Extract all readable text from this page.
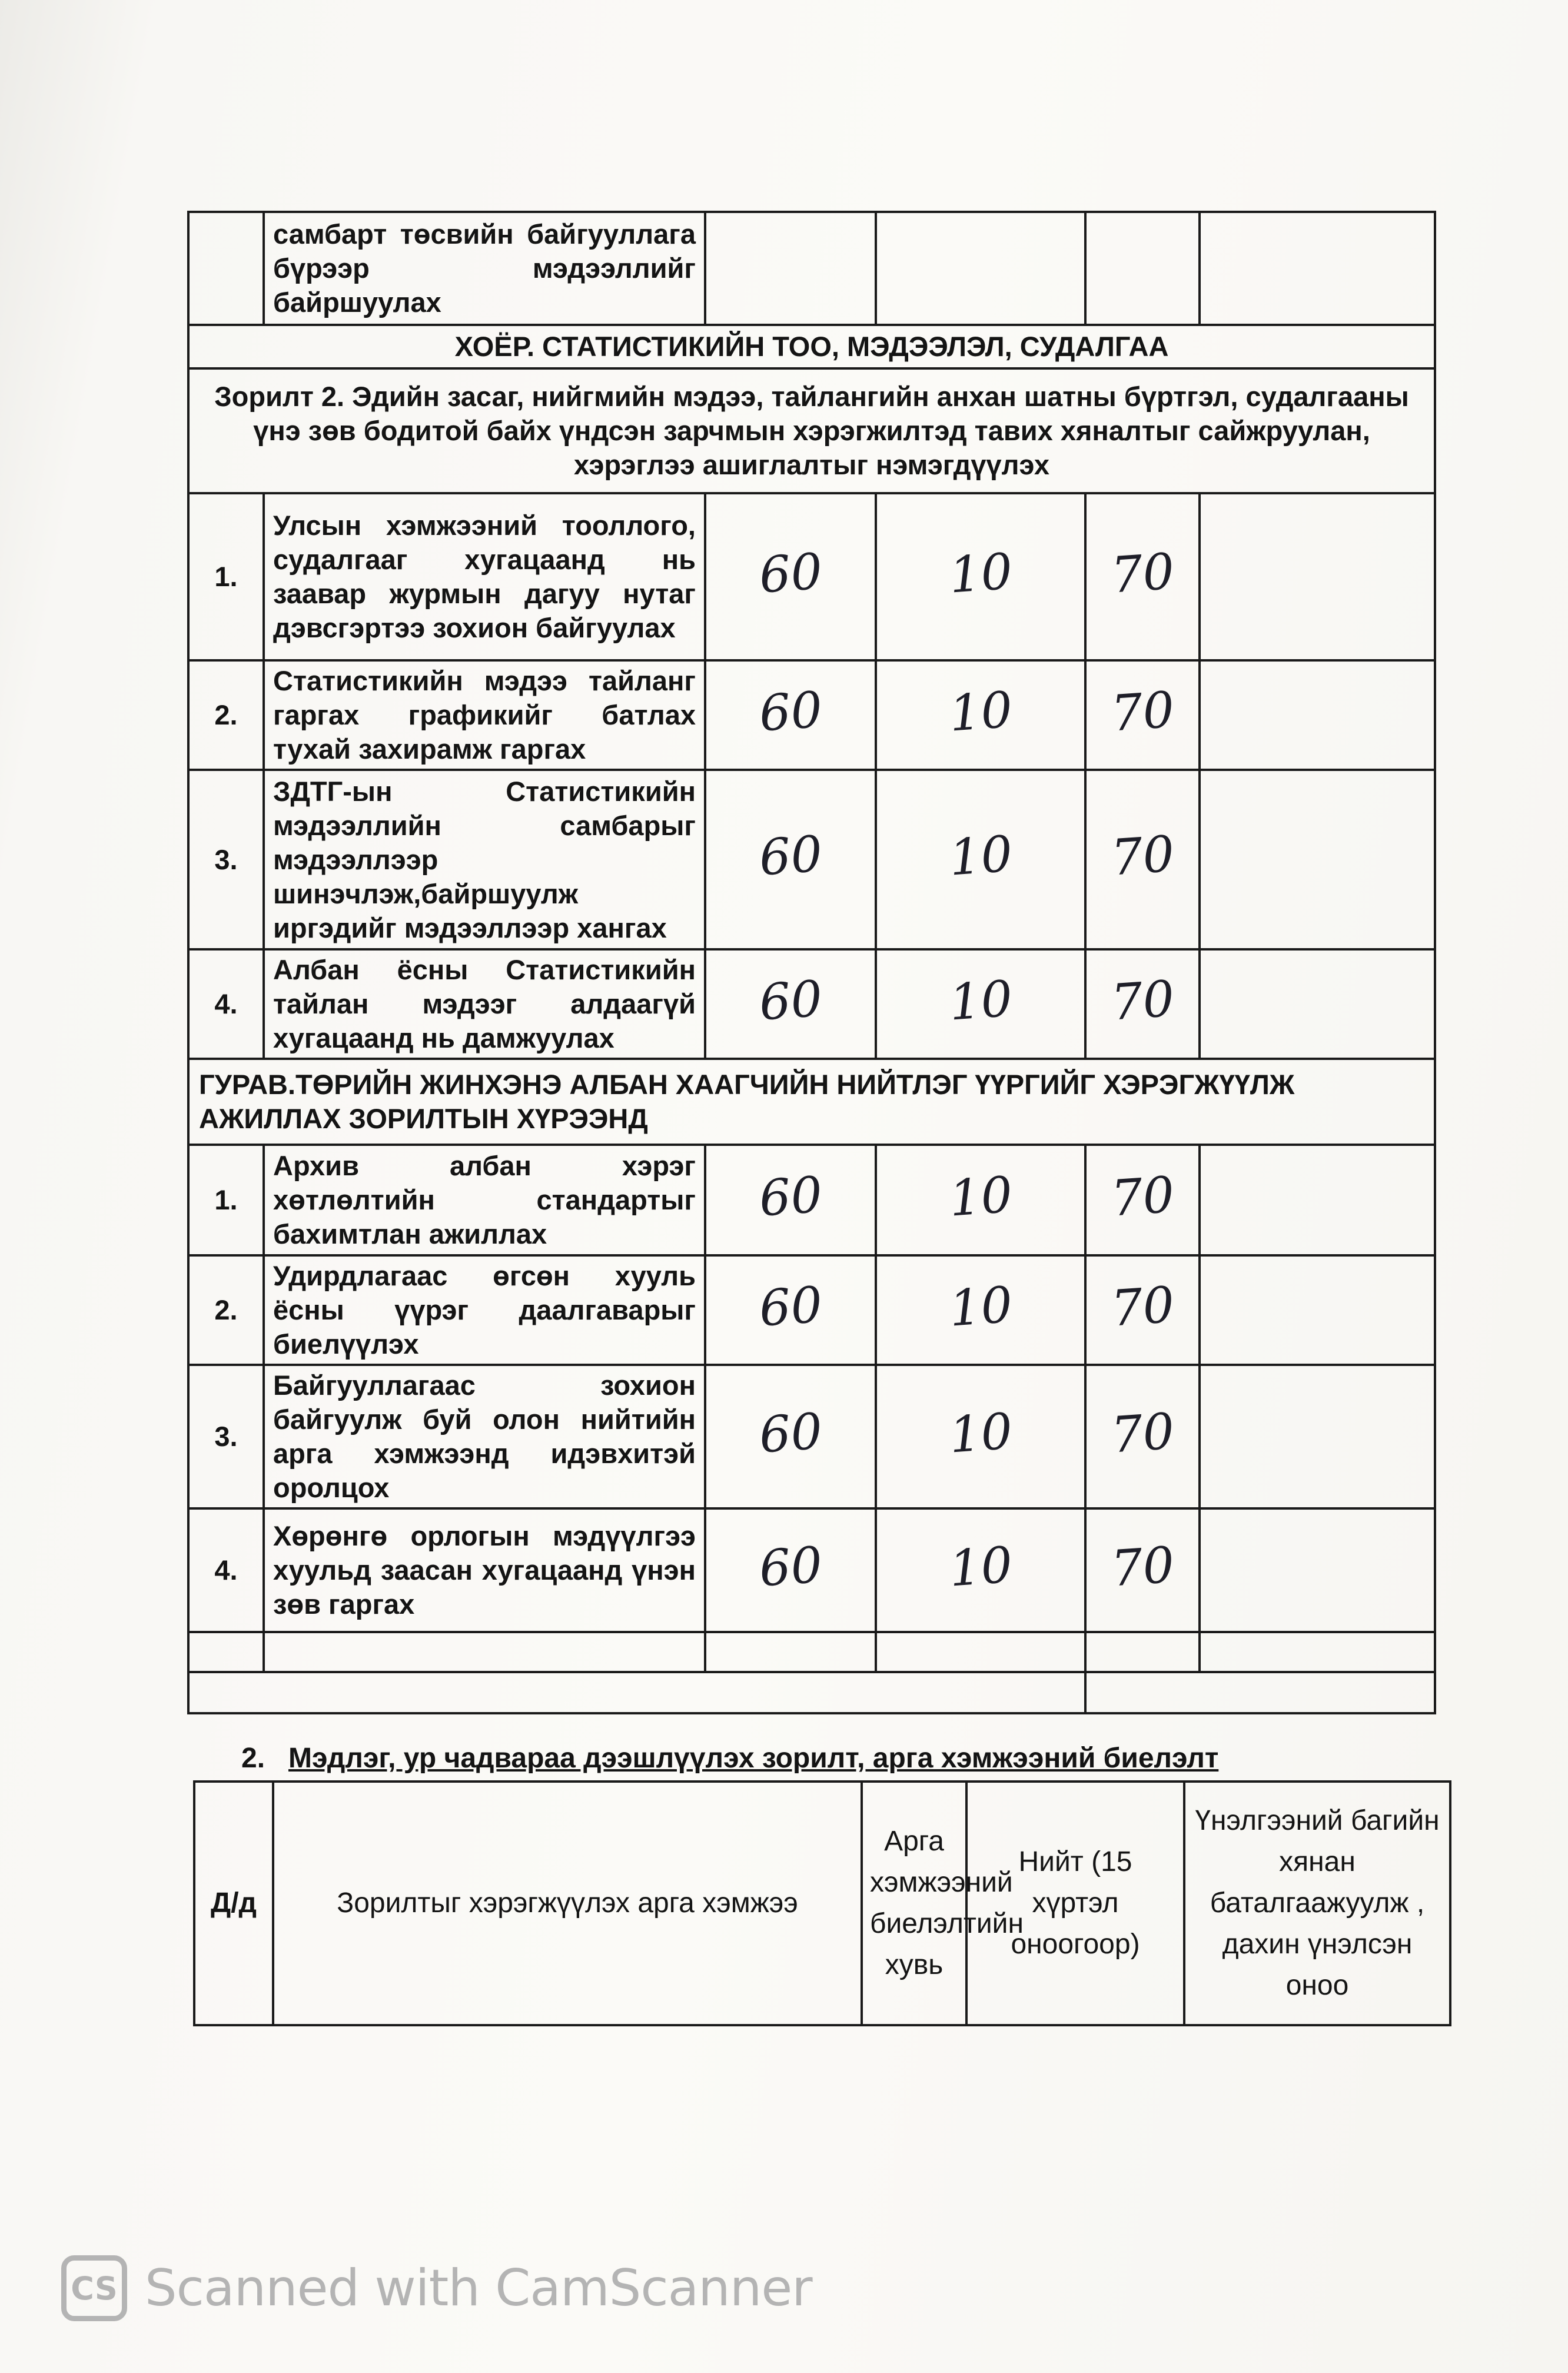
	самбарт төсвийн байгууллага бүрээр мэдээллийг байршуулах				
ХОЁР. СТАТИСТИКИЙН ТОО, МЭДЭЭЛЭЛ, СУДАЛГАА					
Зорилт 2. Эдийн засаг, нийгмийн мэдээ, тайлангийн анхан шатны бүртгэл, судалгааны үнэ зөв бодитой байх үндсэн зарчмын хэрэгжилтэд тавих хяналтыг сайжруулан, хэрэглээ ашиглалтыг нэмэгдүүлэх					
1.	Улсын хэмжээний тооллого, судалгааг хугацаанд нь заавар журмын дагуу нутаг дэвсгэртээ зохион байгуулах	60	10	70	
2.	Статистикийн мэдээ тайланг гаргах графикийг батлах тухай захирамж гаргах	60	10	70	
3.	ЗДТГ-ын Статистикийн мэдээллийн самбарыг мэдээллээр шинэчлэж,байршуулж иргэдийг мэдээллээр хангах	60	10	70	
4.	Албан ёсны Статистикийн тайлан мэдээг алдаагүй хугацаанд нь дамжуулах	60	10	70	
ГУРАВ.ТӨРИЙН ЖИНХЭНЭ АЛБАН ХААГЧИЙН НИЙТЛЭГ ҮҮРГИЙГ ХЭРЭГЖҮҮЛЖ АЖИЛЛАХ ЗОРИЛТЫН ХҮРЭЭНД					
1.	Архив албан хэрэг хөтлөлтийн стандартыг бахимтлан ажиллах	60	10	70	
2.	Удирдлагаас өгсөн хууль ёсны үүрэг даалгаварыг биелүүлэх	60	10	70	
3.	Байгууллагаас зохион байгуулж буй олон нийтийн арга хэмжээнд идэвхитэй оролцох	60	10	70	
4.	Хөрөнгө орлогын мэдүүлгээ хуульд заасан хугацаанд үнэн зөв гаргах	60	10	70	

2. Мэдлэг, ур чадвараа дээшлүүлэх зорилт, арга хэмжээний биелэлт
Д/д	Зорилтыг хэрэгжүүлэх арга хэмжээ	Арга хэмжээний биелэлтийн хувь	Нийт (15 хүртэл оноогоор)	Үнэлгээний багийн хянан баталгаажуулж , дахин үнэлсэн оноо
CS Scanned with CamScanner
